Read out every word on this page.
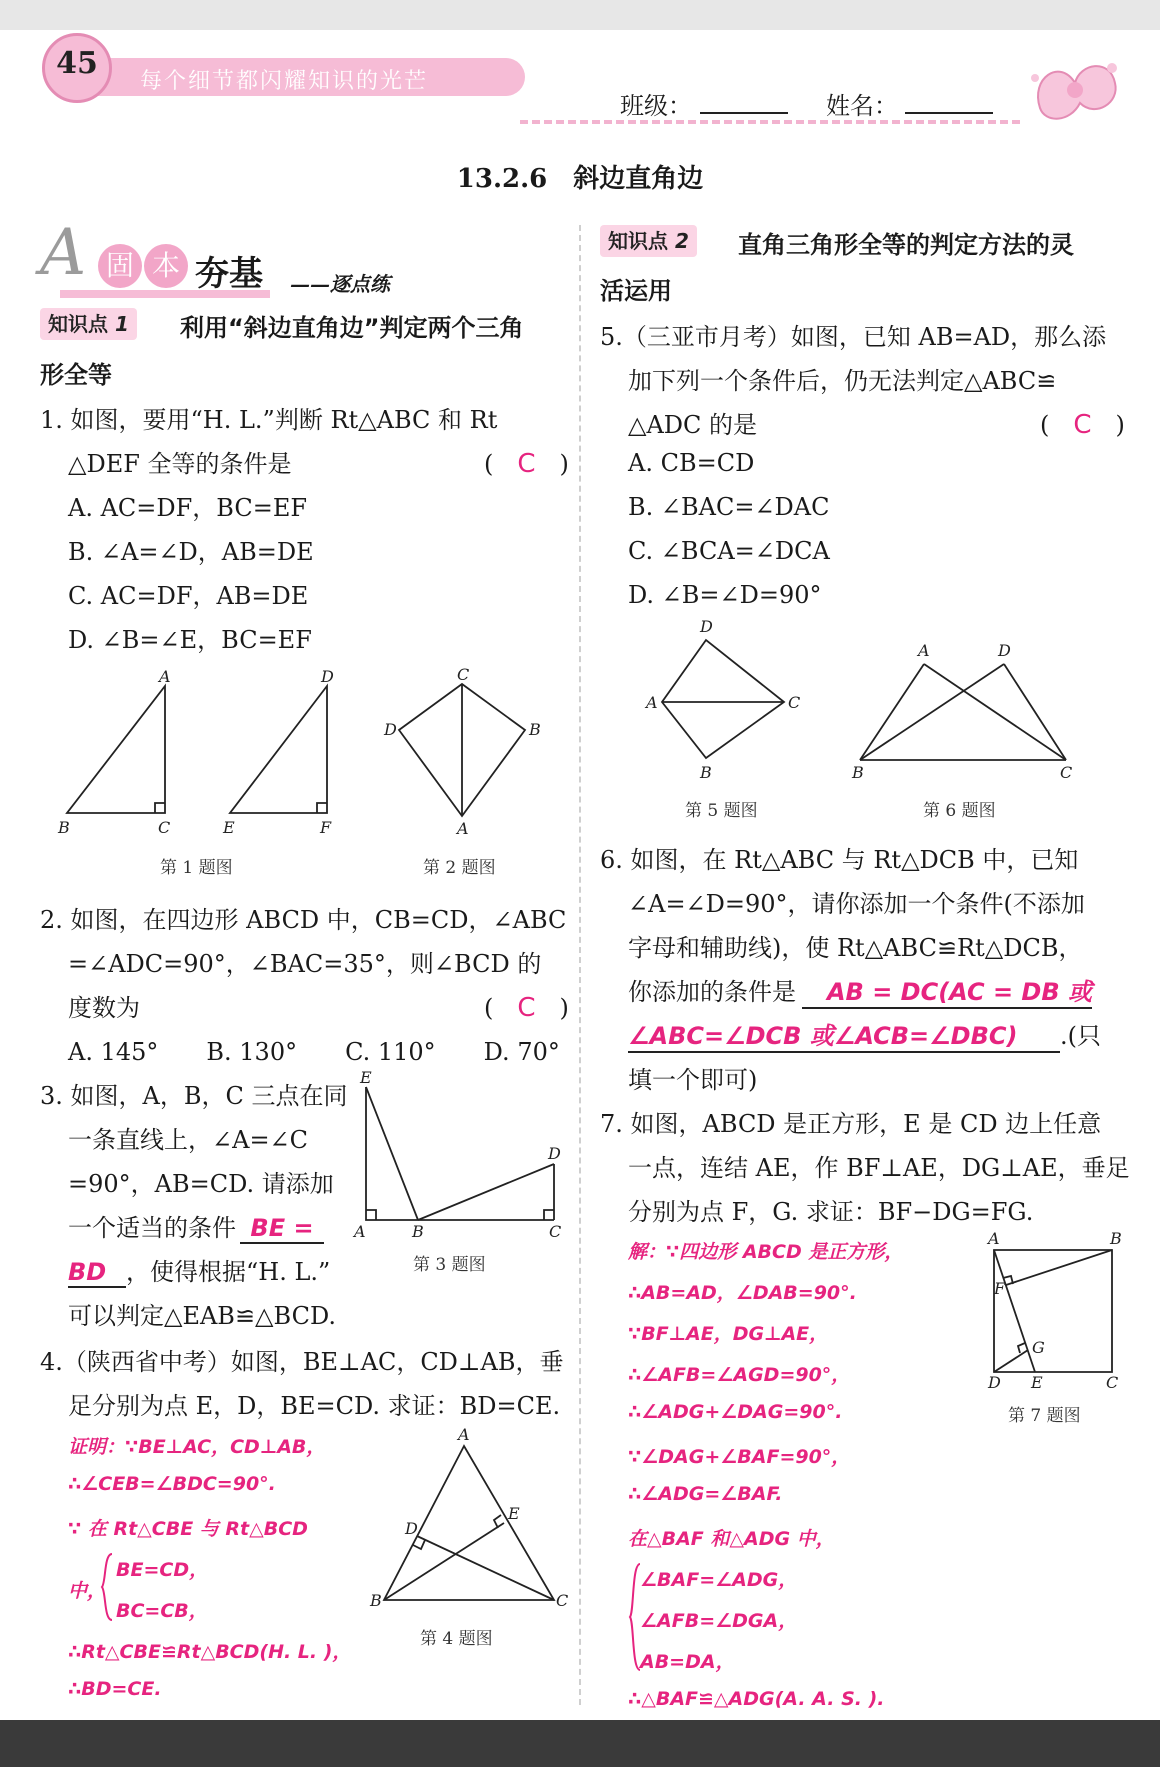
45
每个细节都闪耀知识的光芒
班级：	姓名：
13.2.6　斜边直角边
A 固 本 夯基 ——逐点练
知识点 1	利用“斜边直角边”判定两个三角
形全等
1. 如图，要用“H. L.”判断 Rt△ABC 和 Rt
△DEF 全等的条件是	(　C　)
A. AC=DF，BC=EF
B. ∠A=∠D，AB=DE
C. AC=DF，AB=DE
D. ∠B=∠E，BC=EF
A
B	C
D
E	F
第 1 题图
C
D	B
A
第 2 题图
2. 如图，在四边形 ABCD 中，CB=CD，∠ABC
=∠ADC=90°，∠BAC=35°，则∠BCD 的
度数为	(　C　)
A. 145°　　B. 130°　　C. 110°　　D. 70°
3. 如图，A，B，C 三点在同
一条直线上，∠A=∠C
=90°，AB=CD. 请添加
一个适当的条件 BE =
BD ，使得根据“H. L.”
可以判定△EAB≌△BCD.
E
D
A	B	C
第 3 题图
4.（陕西省中考）如图，BE⊥AC，CD⊥AB，垂
足分别为点 E，D，BE=CD. 求证：BD=CE.
证明：∵BE⊥AC，CD⊥AB，
∴∠CEB=∠BDC=90°.
∵ 在 Rt△CBE 与 Rt△BCD
中，
BE=CD，
BC=CB，
∴Rt△CBE≌Rt△BCD(H. L. )，
∴BD=CE.
A
D
E
B	C
第 4 题图
知识点 2	直角三角形全等的判定方法的灵
活运用
5.（三亚市月考）如图，已知 AB=AD，那么添
加下列一个条件后，仍无法判定△ABC≌
△ADC 的是	(　C　)
A. CB=CD
B. ∠BAC=∠DAC
C. ∠BCA=∠DCA
D. ∠B=∠D=90°
D
A	C
B
第 5 题图
A	D
B	C
第 6 题图
6. 如图，在 Rt△ABC 与 Rt△DCB 中，已知
∠A=∠D=90°，请你添加一个条件(不添加
字母和辅助线)，使 Rt△ABC≌Rt△DCB，
你添加的条件是 AB = DC(AC = DB 或
∠ABC=∠DCB 或∠ACB=∠DBC) .(只
填一个即可)
7. 如图，ABCD 是正方形，E 是 CD 边上任意
一点，连结 AE，作 BF⊥AE，DG⊥AE，垂足
分别为点 F，G. 求证：BF−DG=FG.
解：∵四边形 ABCD 是正方形，
∴AB=AD，∠DAB=90°.
∵BF⊥AE，DG⊥AE，
∴∠AFB=∠AGD=90°，
∴∠ADG+∠DAG=90°.
∵∠DAG+∠BAF=90°，
∴∠ADG=∠BAF.
在△BAF 和△ADG 中，
∠BAF=∠ADG，
∠AFB=∠DGA，
AB=DA，
∴△BAF≌△ADG(A. A. S. ).
A	B
F
G
D E	C
第 7 题图
